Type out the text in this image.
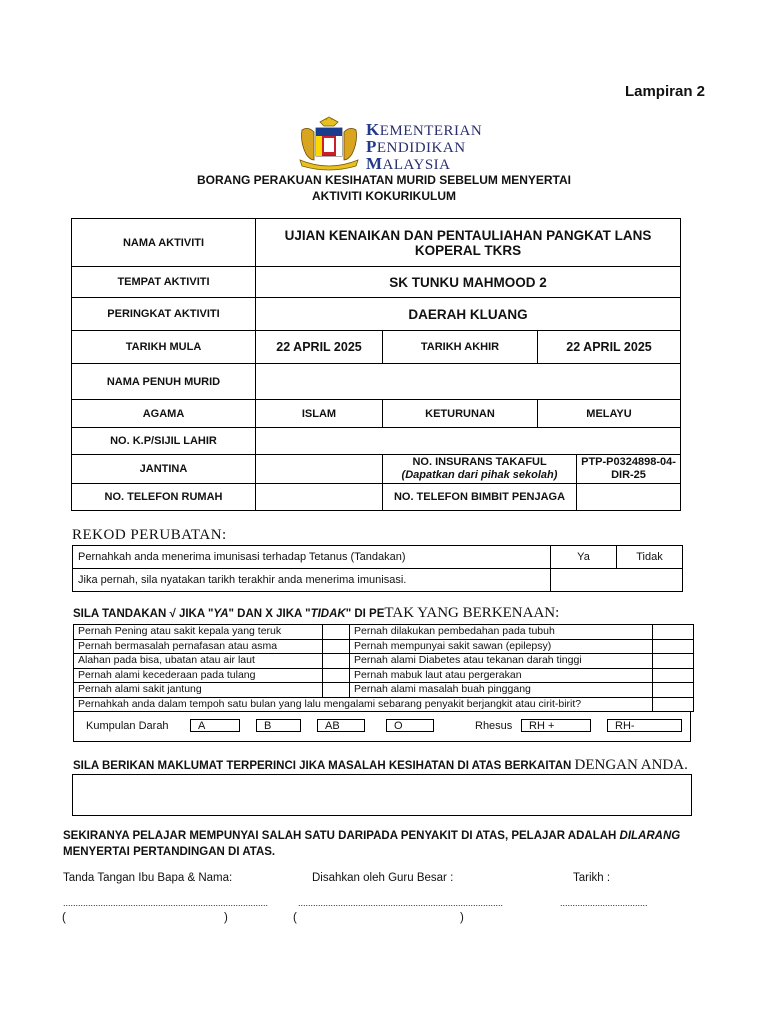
Lampiran 2
KEMENTERIAN
PENDIDIKAN
MALAYSIA
BORANG PERAKUAN KESIHATAN MURID SEBELUM MENYERTAI
AKTIVITI KOKURIKULUM
NAMA AKTIVITI	UJIAN KENAIKAN DAN PENTAULIAHAN PANGKAT LANS KOPERAL TKRS			
TEMPAT AKTIVITI	SK TUNKU MAHMOOD 2			
PERINGKAT AKTIVITI	DAERAH KLUANG			
TARIKH MULA	22 APRIL 2025	TARIKH AKHIR	22 APRIL 2025	
NAMA PENUH MURID				
AGAMA	ISLAM	KETURUNAN	MELAYU	
NO. K.P/SIJIL LAHIR				
JANTINA		NO. INSURANS TAKAFUL (Dapatkan dari pihak sekolah)		PTP-P0324898-04-DIR-25
NO. TELEFON RUMAH		NO. TELEFON BIMBIT PENJAGA		
REKOD PERUBATAN:
Pernahkah anda menerima imunisasi terhadap Tetanus (Tandakan)	Ya	Tidak
Jika pernah, sila nyatakan tarikh terakhir anda menerima imunisasi.		
SILA TANDAKAN √ JIKA "YA" DAN X JIKA "TIDAK" DI PETAK YANG BERKENAAN:
Pernah Pening atau sakit kepala yang teruk		Pernah dilakukan pembedahan pada tubuh	
Pernah bermasalah pernafasan atau asma		Pernah mempunyai sakit sawan (epilepsy)	
Alahan pada bisa, ubatan atau air laut		Pernah alami Diabetes atau tekanan darah tinggi	
Pernah alami kecederaan pada tulang		Pernah mabuk laut atau pergerakan	
Pernah alami sakit jantung		Pernah alami masalah buah pinggang	
Pernahkah anda dalam tempoh satu bulan yang lalu mengalami sebarang penyakit berjangkit atau cirit-birit?			
Kumpulan Darah	A	B	AB	O	Rhesus	RH +	RH-
SILA BERIKAN MAKLUMAT TERPERINCI JIKA MASALAH KESIHATAN DI ATAS BERKAITAN DENGAN ANDA.
SEKIRANYA PELAJAR MEMPUNYAI SALAH SATU DARIPADA PENYAKIT DI ATAS, PELAJAR ADALAH DILARANG MENYERTAI PERTANDINGAN DI ATAS.
Tanda Tangan Ibu Bapa & Nama:	Disahkan oleh Guru Besar :	Tarikh :
..................................................................................	..................................................................................	...................................
(	)	(	)
